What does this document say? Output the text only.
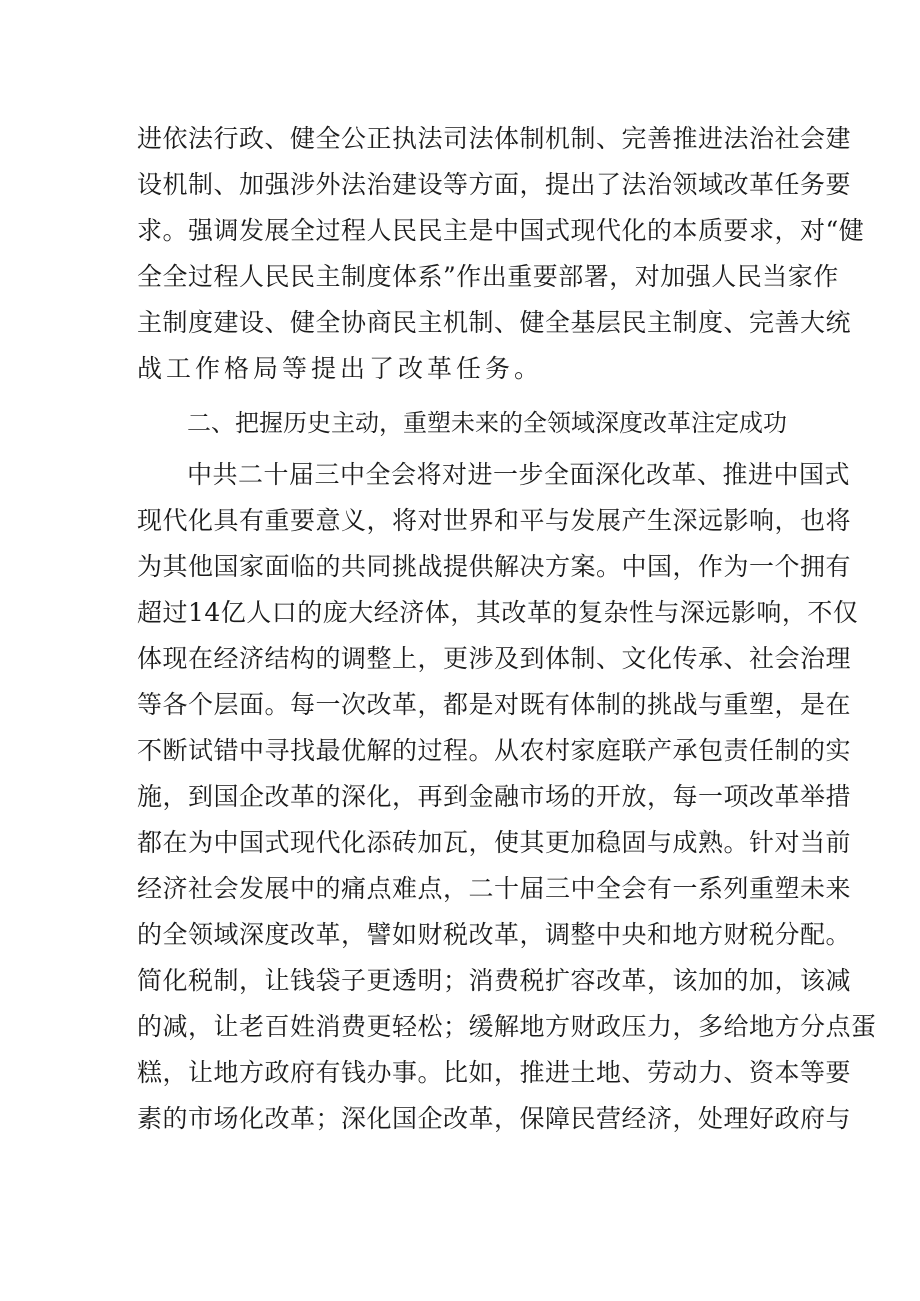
进依法行政、健全公正执法司法体制机制、完善推进法治社会建
设机制、加强涉外法治建设等方面，提出了法治领域改革任务要
求。强调发展全过程人民民主是中国式现代化的本质要求，对“健
全全过程人民民主制度体系”作出重要部署，对加强人民当家作
主制度建设、健全协商民主机制、健全基层民主制度、完善大统
战工作格局等提出了改革任务。
二、把握历史主动，重塑未来的全领域深度改革注定成功
中共二十届三中全会将对进一步全面深化改革、推进中国式
现代化具有重要意义，将对世界和平与发展产生深远影响，也将
为其他国家面临的共同挑战提供解决方案。中国，作为一个拥有
超过14亿人口的庞大经济体，其改革的复杂性与深远影响，不仅
体现在经济结构的调整上，更涉及到体制、文化传承、社会治理
等各个层面。每一次改革，都是对既有体制的挑战与重塑，是在
不断试错中寻找最优解的过程。从农村家庭联产承包责任制的实
施，到国企改革的深化，再到金融市场的开放，每一项改革举措
都在为中国式现代化添砖加瓦，使其更加稳固与成熟。针对当前
经济社会发展中的痛点难点，二十届三中全会有一系列重塑未来
的全领域深度改革，譬如财税改革，调整中央和地方财税分配。
简化税制，让钱袋子更透明；消费税扩容改革，该加的加，该减
的减，让老百姓消费更轻松；缓解地方财政压力，多给地方分点蛋
糕，让地方政府有钱办事。比如，推进土地、劳动力、资本等要
素的市场化改革；深化国企改革，保障民营经济，处理好政府与
